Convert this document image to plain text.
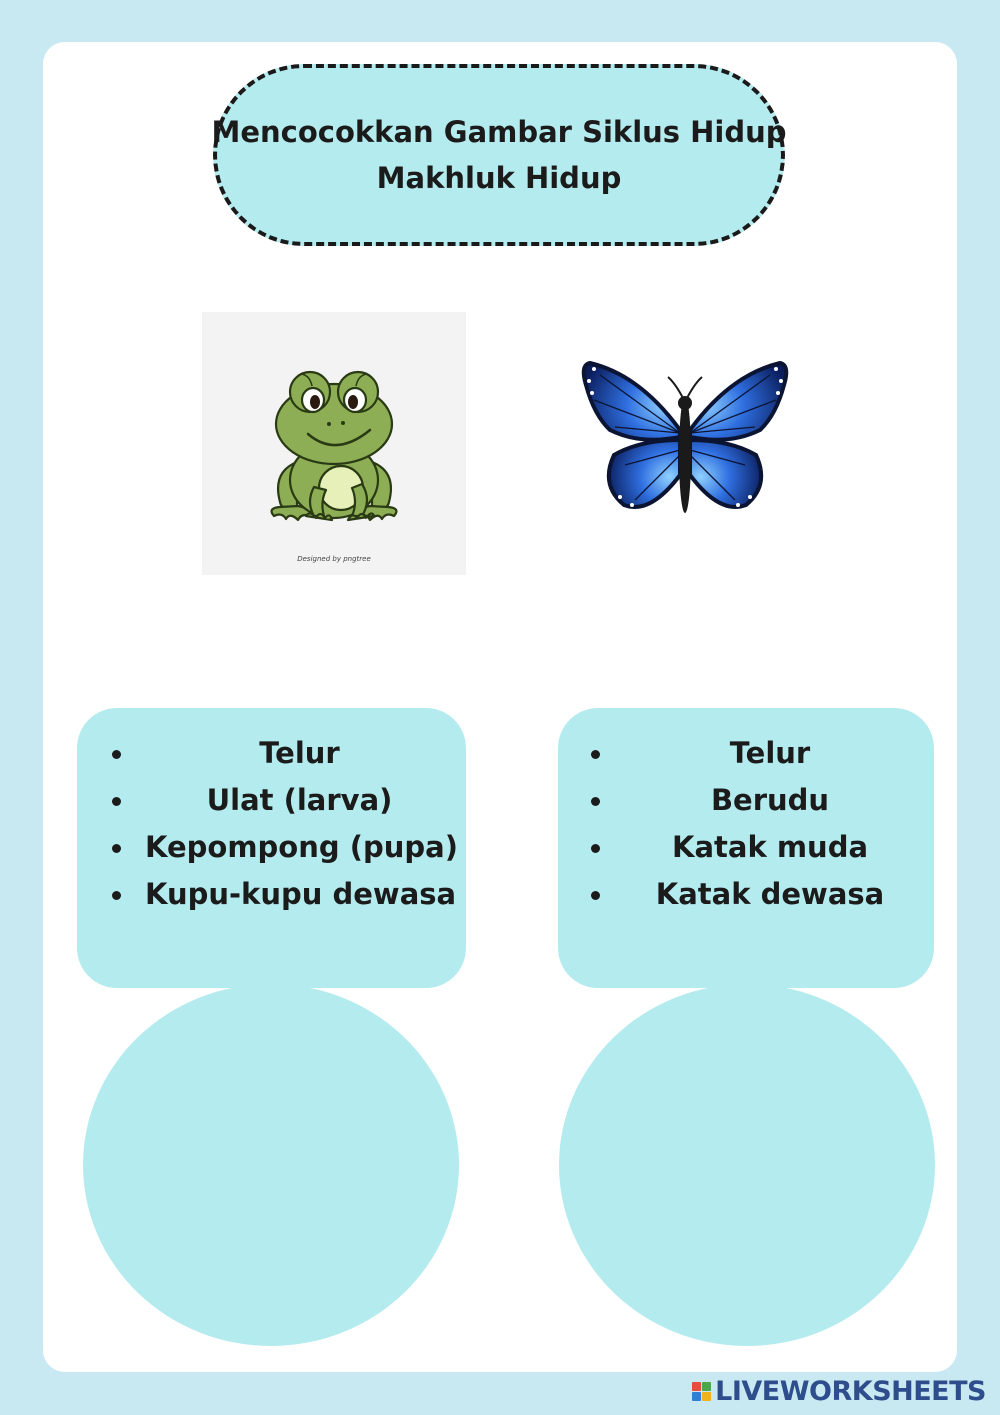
Mencocokkan Gambar Siklus Hidup
Makhluk Hidup
Designed by pngtree
Telur
Ulat (larva)
Kepompong (pupa)
Kupu-kupu dewasa
Telur
Berudu
Katak muda
Katak dewasa
LIVEWORKSHEETS
